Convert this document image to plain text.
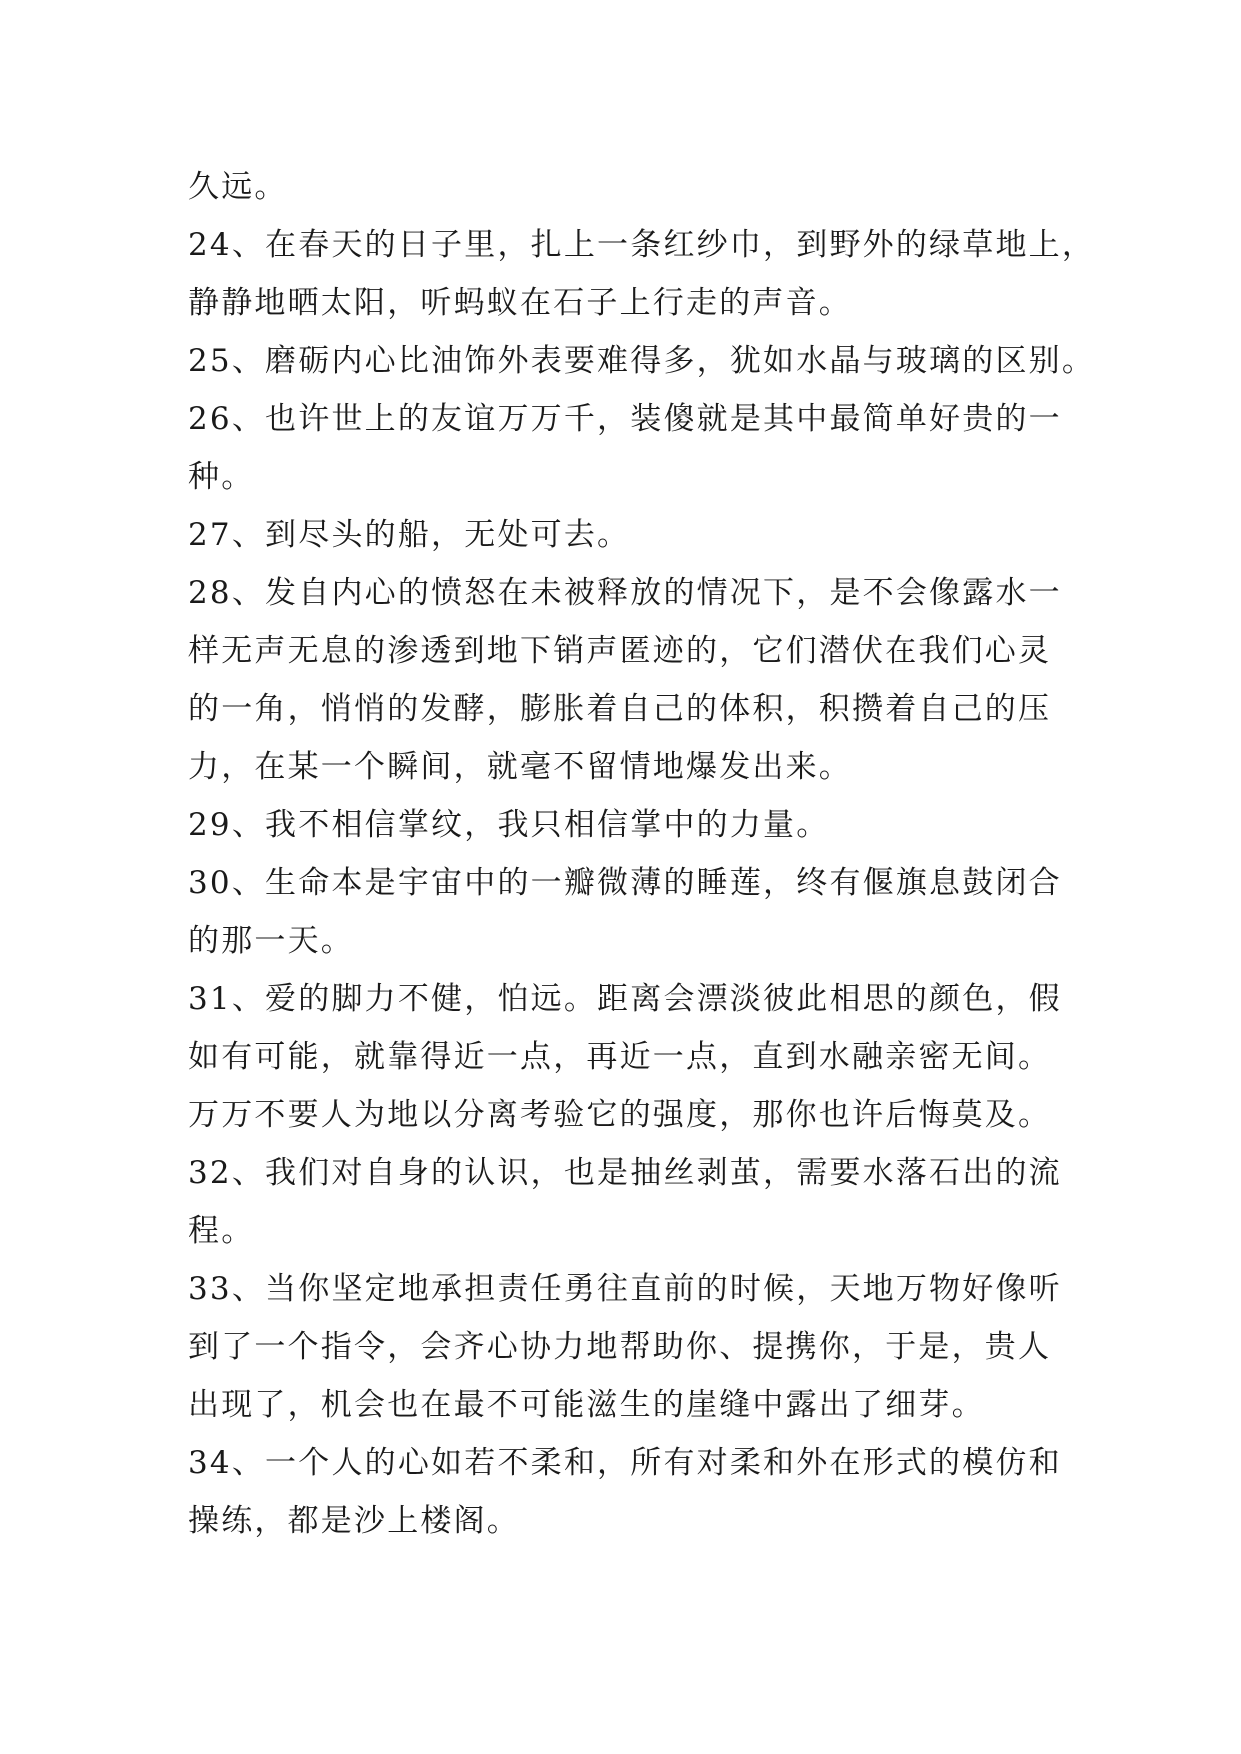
久远。
24、在春天的日子里，扎上一条红纱巾，到野外的绿草地上，
静静地晒太阳，听蚂蚁在石子上行走的声音。
25、磨砺内心比油饰外表要难得多，犹如水晶与玻璃的区别。
26、也许世上的友谊万万千，装傻就是其中最简单好贵的一
种。
27、到尽头的船，无处可去。
28、发自内心的愤怒在未被释放的情况下，是不会像露水一
样无声无息的渗透到地下销声匿迹的，它们潜伏在我们心灵
的一角，悄悄的发酵，膨胀着自己的体积，积攒着自己的压
力，在某一个瞬间，就毫不留情地爆发出来。
29、我不相信掌纹，我只相信掌中的力量。
30、生命本是宇宙中的一瓣微薄的睡莲，终有偃旗息鼓闭合
的那一天。
31、爱的脚力不健，怕远。距离会漂淡彼此相思的颜色，假
如有可能，就靠得近一点，再近一点，直到水融亲密无间。
万万不要人为地以分离考验它的强度，那你也许后悔莫及。
32、我们对自身的认识，也是抽丝剥茧，需要水落石出的流
程。
33、当你坚定地承担责任勇往直前的时候，天地万物好像听
到了一个指令，会齐心协力地帮助你、提携你，于是，贵人
出现了，机会也在最不可能滋生的崖缝中露出了细芽。
34、一个人的心如若不柔和，所有对柔和外在形式的模仿和
操练，都是沙上楼阁。
